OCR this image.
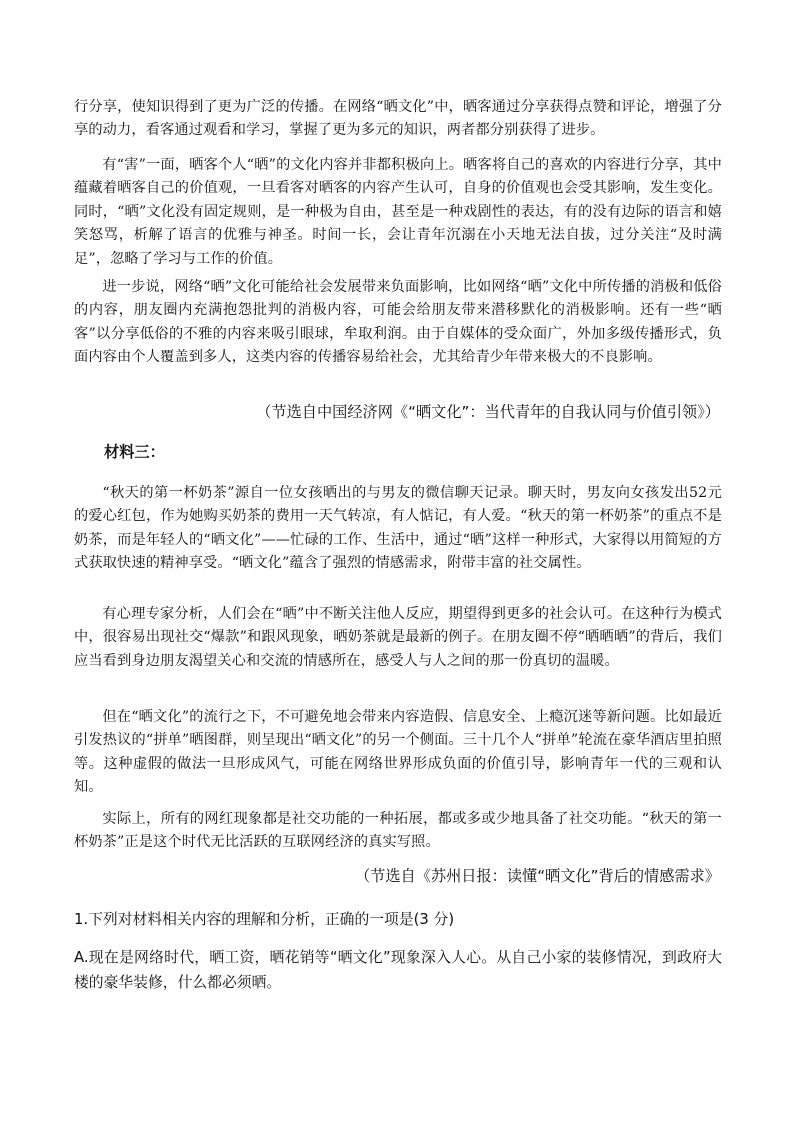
行分享，使知识得到了更为广泛的传播。在网络“晒文化”中，晒客通过分享获得点赞和评论，增强了分享的动力，看客通过观看和学习，掌握了更为多元的知识，两者都分别获得了进步。

有“害”一面，晒客个人“晒”的文化内容并非都积极向上。晒客将自己的喜欢的内容进行分享，其中蕴藏着晒客自己的价值观，一旦看客对晒客的内容产生认可，自身的价值观也会受其影响，发生变化。同时，“晒”文化没有固定规则，是一种极为自由，甚至是一种戏剧性的表达，有的没有边际的语言和嬉笑怒骂，析解了语言的优雅与神圣。时间一长，会让青年沉溺在小天地无法自拔，过分关注“及时满足”，忽略了学习与工作的价值。

进一步说，网络“晒”文化可能给社会发展带来负面影响，比如网络“晒”文化中所传播的消极和低俗的内容，朋友圈内充满抱怨批判的消极内容，可能会给朋友带来潜移默化的消极影响。还有一些“晒客”以分享低俗的不雅的内容来吸引眼球，牟取利润。由于自媒体的受众面广，外加多级传播形式，负面内容由个人覆盖到多人，这类内容的传播容易给社会，尤其给青少年带来极大的不良影响。

（节选自中国经济网《“晒文化”：当代青年的自我认同与价值引领》）

材料三：

“秋天的第一杯奶茶”源自一位女孩晒出的与男友的微信聊天记录。聊天时，男友向女孩发出52元的爱心红包，作为她购买奶茶的费用一天气转凉，有人惦记，有人爱。“秋天的第一杯奶茶”的重点不是奶茶，而是年轻人的“晒文化”——忙碌的工作、生活中，通过“晒”这样一种形式，大家得以用简短的方式获取快速的精神享受。“晒文化”蕴含了强烈的情感需求，附带丰富的社交属性。

有心理专家分析，人们会在“晒”中不断关注他人反应，期望得到更多的社会认可。在这种行为模式中，很容易出现社交“爆款”和跟风现象，晒奶茶就是最新的例子。在朋友圈不停“晒晒晒”的背后，我们应当看到身边朋友渴望关心和交流的情感所在，感受人与人之间的那一份真切的温暖。

但在“晒文化”的流行之下，不可避免地会带来内容造假、信息安全、上瘾沉迷等新问题。比如最近引发热议的“拼单”晒图群，则呈现出“晒文化”的另一个侧面。三十几个人“拼单”轮流在豪华酒店里拍照等。这种虚假的做法一旦形成风气，可能在网络世界形成负面的价值引导，影响青年一代的三观和认知。

实际上，所有的网红现象都是社交功能的一种拓展，都或多或少地具备了社交功能。“秋天的第一杯奶茶”正是这个时代无比活跃的互联网经济的真实写照。

（节选自《苏州日报：读懂“晒文化”背后的情感需求》

1.下列对材料相关内容的理解和分析，正确的一项是(3 分)

A.现在是网络时代，晒工资，晒花销等“晒文化”现象深入人心。从自己小家的装修情况，到政府大楼的豪华装修，什么都必须晒。
